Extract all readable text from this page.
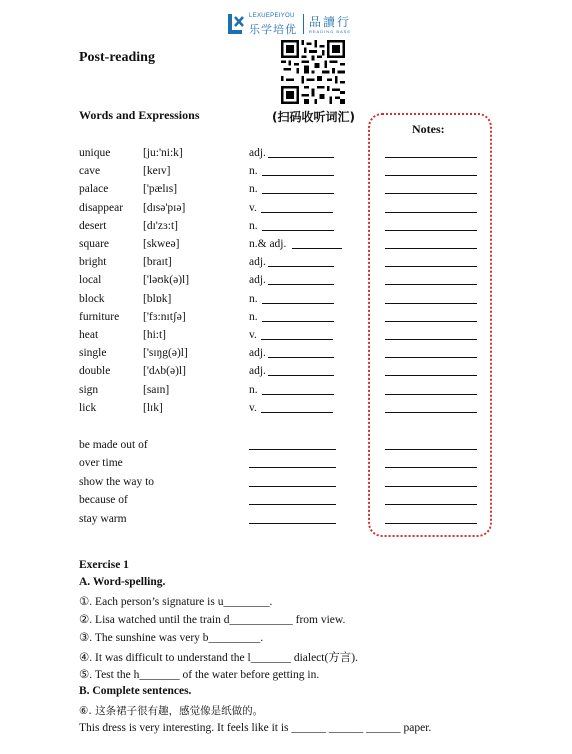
LEXUEPEIYOU
乐学培优
品讀行
READING BASE
Post-reading
Words and Expressions	(扫码收听词汇)
Notes:
unique	[ju:'ni:k]	adj.
cave	[keɪv]	n.
palace	['pælɪs]	n.
disappear [dɪsə'pɪə]	v.
desert	[dɪ'zɜ:t]	n.
square	[skweə]	n.& adj.
bright	[braɪt]	adj.
local	['ləʊk(ə)l]	adj.
block	[blɒk]	n.
furniture ['fɜ:nɪtʃə]	n.
heat	[hi:t]	v.
single	['sɪŋg(ə)l]	adj.
double	['dʌb(ə)l]	adj.
sign	[saɪn]	n.
lick	[lɪk]	v.
be made out of
over time
show the way to
because of
stay warm
Exercise 1
A. Word-spelling.
①. Each person’s signature is u________.
②. Lisa watched until the train d___________ from view.
③. The sunshine was very b_________.
④. It was difficult to understand the l_______ dialect(方言).
⑤. Test the h_______ of the water before getting in.
B. Complete sentences.
⑥. 这条裙子很有趣，感觉像是纸做的。
This dress is very interesting. It feels like it is ______ ______ ______ paper.
